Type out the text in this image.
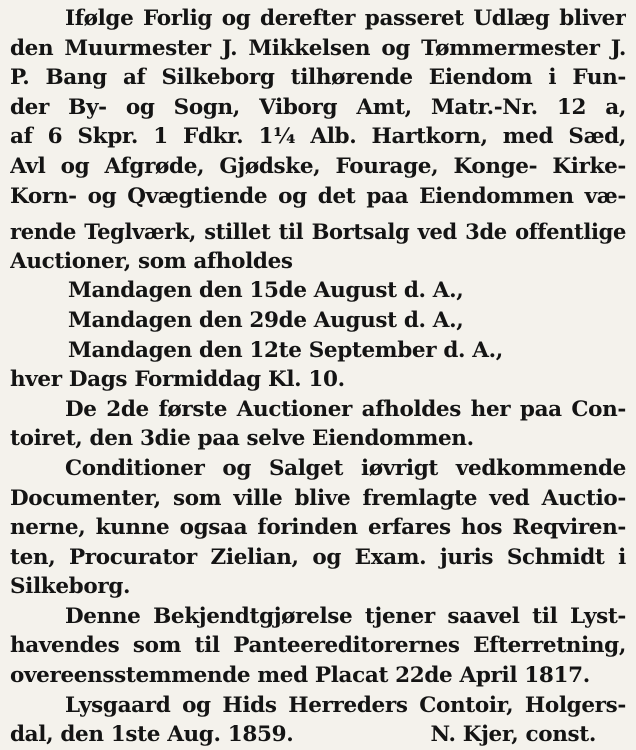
Ifølge Forlig og derefter passeret Udlæg bliver
den Muurmester J. Mikkelsen og Tømmermester J.
P. Bang af Silkeborg tilhørende Eiendom i Fun-
der By- og Sogn, Viborg Amt, Matr.-Nr. 12 a,
af 6 Skpr. 1 Fdkr. 1¼ Alb. Hartkorn, med Sæd,
Avl og Afgrøde, Gjødske, Fourage, Konge- Kirke-
Korn- og Qvægtiende og det paa Eiendommen væ-
rende Teglværk, stillet til Bortsalg ved 3de offentlige
Auctioner, som afholdes
Mandagen den 15de August d. A.,
Mandagen den 29de August d. A.,
Mandagen den 12te September d. A.,
hver Dags Formiddag Kl. 10.
De 2de første Auctioner afholdes her paa Con-
toiret, den 3die paa selve Eiendommen.
Conditioner og Salget iøvrigt vedkommende
Documenter, som ville blive fremlagte ved Auctio-
nerne, kunne ogsaa forinden erfares hos Reqviren-
ten, Procurator Zielian, og Exam. juris Schmidt i
Silkeborg.
Denne Bekjendtgjørelse tjener saavel til Lyst-
havendes som til Panteereditorernes Efterretning,
overeensstemmende med Placat 22de April 1817.
Lysgaard og Hids Herreders Contoir, Holgers-
dal, den 1ste Aug. 1859.	N. Kjer, const.
